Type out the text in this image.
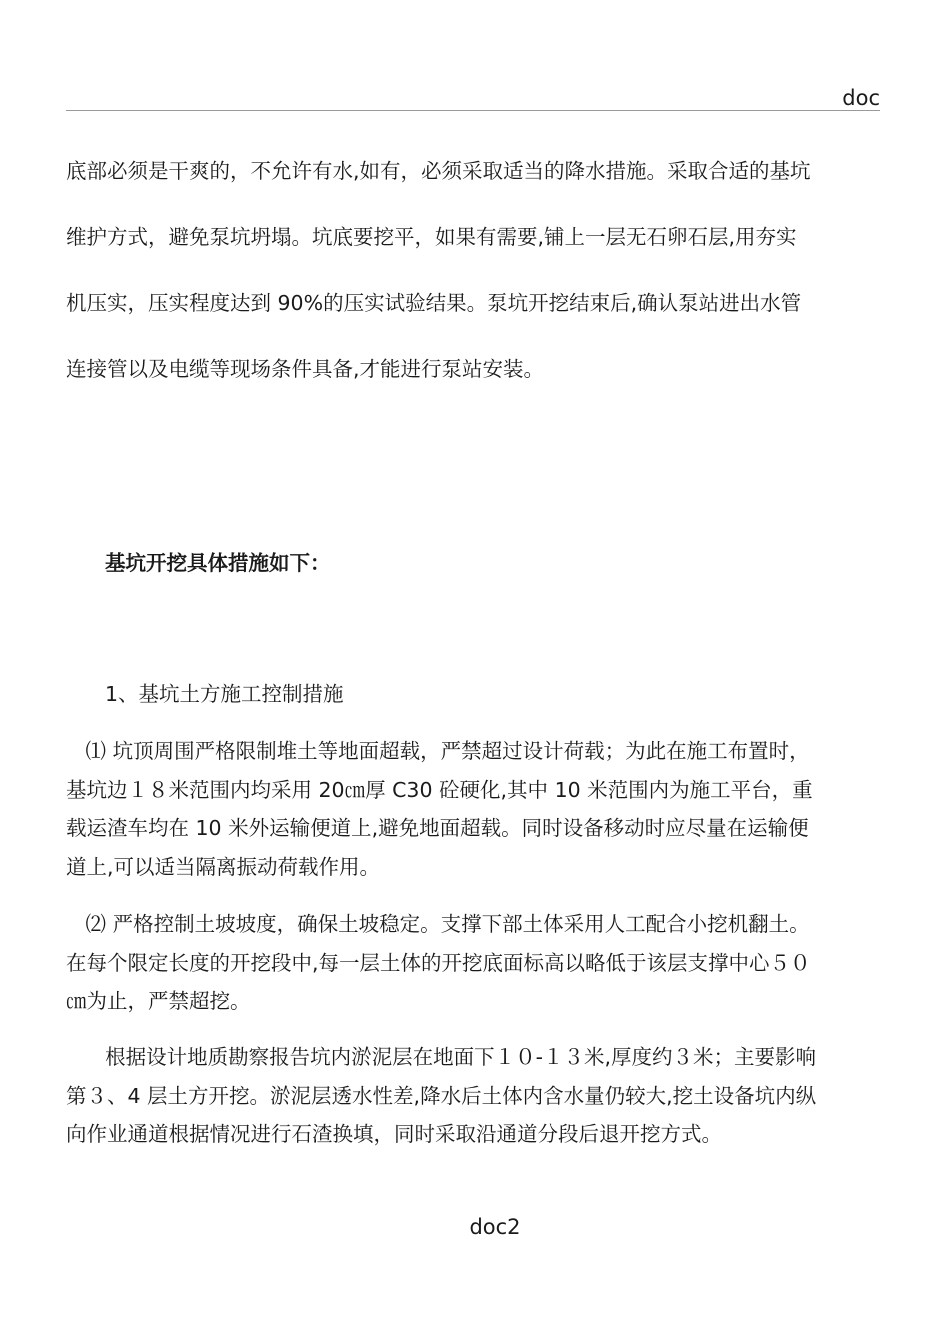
doc
底部必须是干爽的，不允许有水,如有，必须采取适当的降水措施。采取合适的基坑
维护方式，避免泵坑坍塌。坑底要挖平，如果有需要,铺上一层无石卵石层,用夯实
机压实，压实程度达到 90%的压实试验结果。泵坑开挖结束后,确认泵站进出水管
连接管以及电缆等现场条件具备,才能进行泵站安装。
基坑开挖具体措施如下：
1、基坑土方施工控制措施
⑴ 坑顶周围严格限制堆土等地面超载，严禁超过设计荷载；为此在施工布置时，
基坑边１８米范围内均采用 20㎝厚 C30 砼硬化,其中 10 米范围内为施工平台，重
载运渣车均在 10 米外运输便道上,避免地面超载。同时设备移动时应尽量在运输便
道上,可以适当隔离振动荷载作用。
⑵ 严格控制土坡坡度，确保土坡稳定。支撑下部土体采用人工配合小挖机翻土。
在每个限定长度的开挖段中,每一层土体的开挖底面标高以略低于该层支撑中心５０
㎝为止，严禁超挖。
根据设计地质勘察报告坑内淤泥层在地面下１０-１３米,厚度约３米；主要影响
第３、4 层土方开挖。淤泥层透水性差,降水后土体内含水量仍较大,挖土设备坑内纵
向作业通道根据情况进行石渣换填，同时采取沿通道分段后退开挖方式。
doc2
